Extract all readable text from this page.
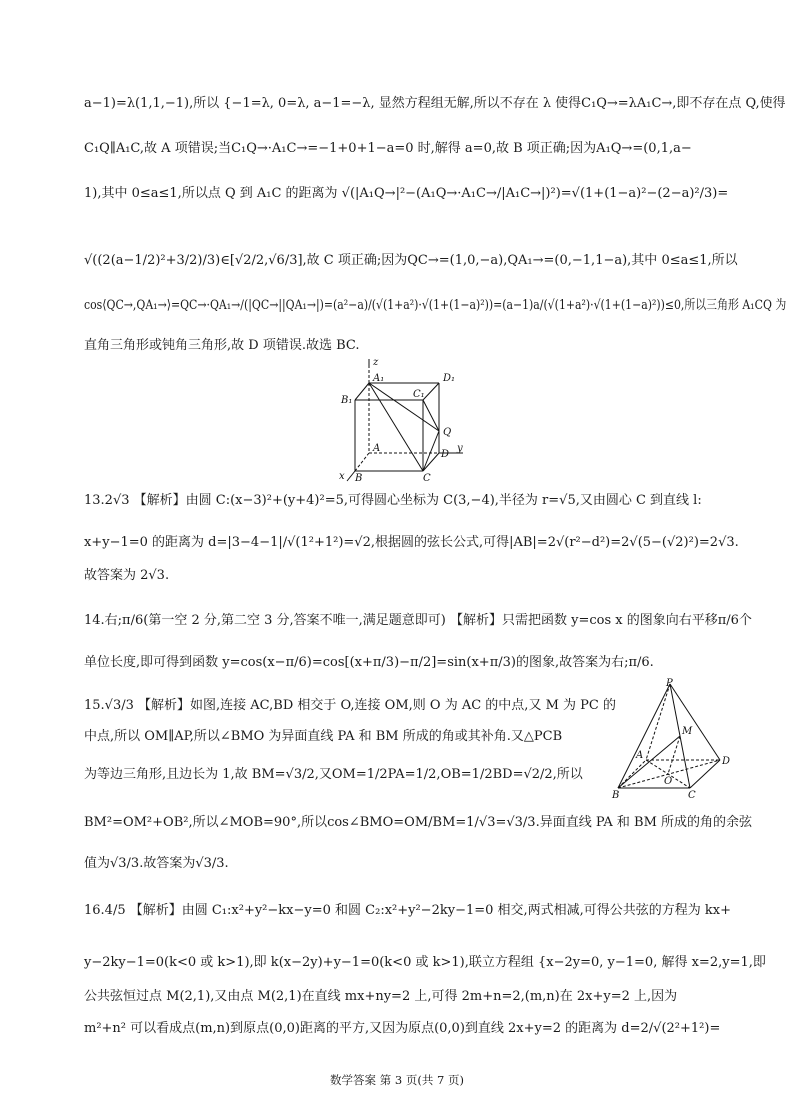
a−1)=λ(1,1,−1),所以 {−1=λ, 0=λ, a−1=−λ, 显然方程组无解,所以不存在 λ 使得C₁Q→=λA₁C→,即不存在点 Q,使得
C₁Q∥A₁C,故 A 项错误;当C₁Q→·A₁C→=−1+0+1−a=0 时,解得 a=0,故 B 项正确;因为A₁Q→=(0,1,a−
1),其中 0≤a≤1,所以点 Q 到 A₁C 的距离为 √(|A₁Q→|²−(A₁Q→·A₁C→/|A₁C→|)²)=√(1+(1−a)²−(2−a)²/3)=
√((2(a−1/2)²+3/2)/3)∈[√2/2,√6/3],故 C 项正确;因为QC→=(1,0,−a),QA₁→=(0,−1,1−a),其中 0≤a≤1,所以
cos⟨QC→,QA₁→⟩=QC→·QA₁→/(|QC→||QA₁→|)=(a²−a)/(√(1+a²)·√(1+(1−a)²))=(a−1)a/(√(1+a²)·√(1+(1−a)²))≤0,所以三角形 A₁CQ 为
直角三角形或钝角三角形,故 D 项错误.故选 BC.
13.2√3 【解析】由圆 C:(x−3)²+(y+4)²=5,可得圆心坐标为 C(3,−4),半径为 r=√5,又由圆心 C 到直线 l:
x+y−1=0 的距离为 d=|3−4−1|/√(1²+1²)=√2,根据圆的弦长公式,可得|AB|=2√(r²−d²)=2√(5−(√2)²)=2√3.
故答案为 2√3.
14.右;π/6(第一空 2 分,第二空 3 分,答案不唯一,满足题意即可) 【解析】只需把函数 y=cos x 的图象向右平移π/6个
单位长度,即可得到函数 y=cos(x−π/6)=cos[(x+π/3)−π/2]=sin(x+π/3)的图象,故答案为右;π/6.
15.√3/3 【解析】如图,连接 AC,BD 相交于 O,连接 OM,则 O 为 AC 的中点,又 M 为 PC 的
中点,所以 OM∥AP,所以∠BMO 为异面直线 PA 和 BM 所成的角或其补角.又△PCB
为等边三角形,且边长为 1,故 BM=√3/2,又OM=1/2PA=1/2,OB=1/2BD=√2/2,所以
BM²=OM²+OB²,所以∠MOB=90°,所以cos∠BMO=OM/BM=1/√3=√3/3.异面直线 PA 和 BM 所成的角的余弦
值为√3/3.故答案为√3/3.
16.4/5 【解析】由圆 C₁:x²+y²−kx−y=0 和圆 C₂:x²+y²−2ky−1=0 相交,两式相减,可得公共弦的方程为 kx+
y−2ky−1=0(k<0 或 k>1),即 k(x−2y)+y−1=0(k<0 或 k>1),联立方程组 {x−2y=0, y−1=0, 解得 x=2,y=1,即
公共弦恒过点 M(2,1),又由点 M(2,1)在直线 mx+ny=2 上,可得 2m+n=2,(m,n)在 2x+y=2 上,因为
m²+n² 可以看成点(m,n)到原点(0,0)距离的平方,又因为原点(0,0)到直线 2x+y=2 的距离为 d=2/√(2²+1²)=
z
A₁	D₁
B₁
C₁
A
Q
D
y
x B	C
P
M
A
D
O
B	C
数学答案 第 3 页(共 7 页)
